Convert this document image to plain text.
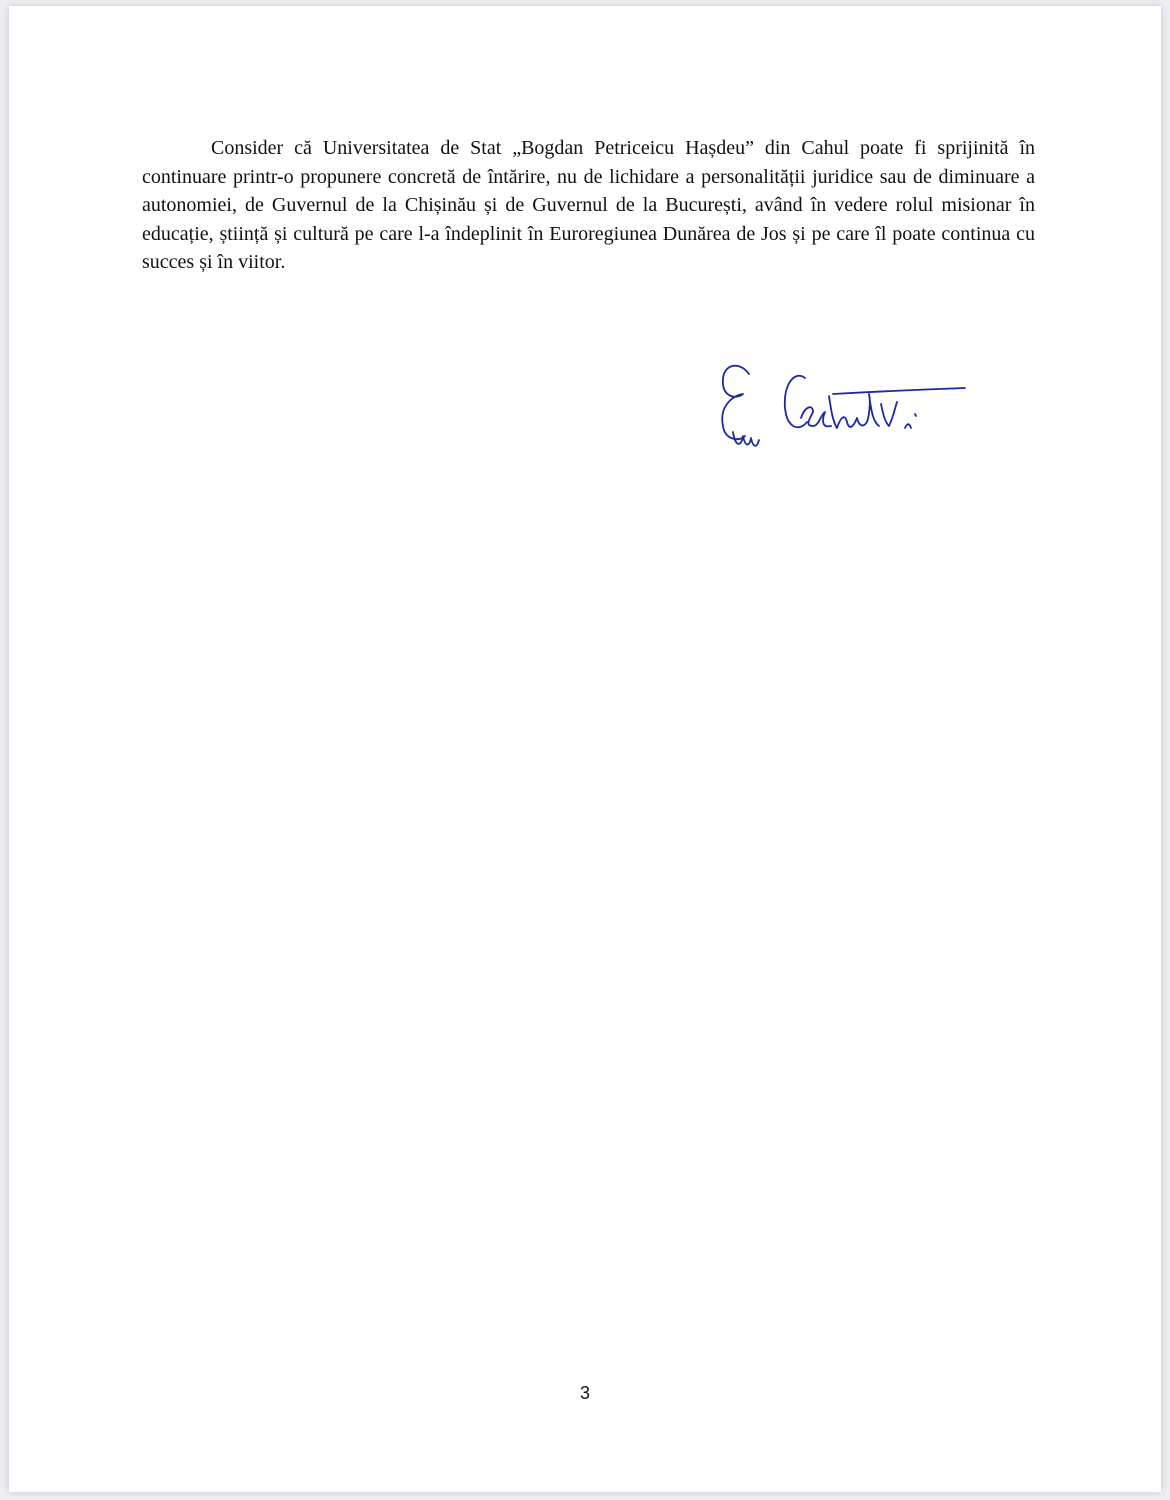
Consider că Universitatea de Stat „Bogdan Petriceicu Hașdeu” din Cahul poate fi sprijinită în continuare printr-o propunere concretă de întărire, nu de lichidare a personalității juridice sau de diminuare a autonomiei, de Guvernul de la Chișinău și de Guvernul de la București, având în vedere rolul misionar în educație, știință și cultură pe care l-a îndeplinit în Euroregiunea Dunărea de Jos și pe care îl poate continua cu succes și în viitor.

3
